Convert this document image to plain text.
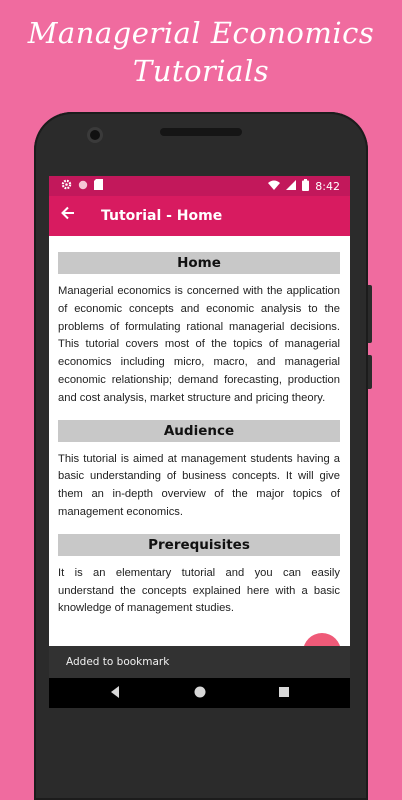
Managerial Economics
Tutorials
8:42
Tutorial - Home
Home

Managerial economics is concerned with the application of economic concepts and economic analysis to the problems of formulating rational managerial decisions. This tutorial covers most of the topics of managerial economics including micro, macro, and managerial economic relationship; demand forecasting, production and cost analysis, market structure and pricing theory.

Audience

This tutorial is aimed at management students having a basic understanding of business concepts. It will give them an in-depth overview of the major topics of management economics.

Prerequisites

It is an elementary tutorial and you can easily understand the concepts explained here with a basic knowledge of management studies.

Added to bookmark
